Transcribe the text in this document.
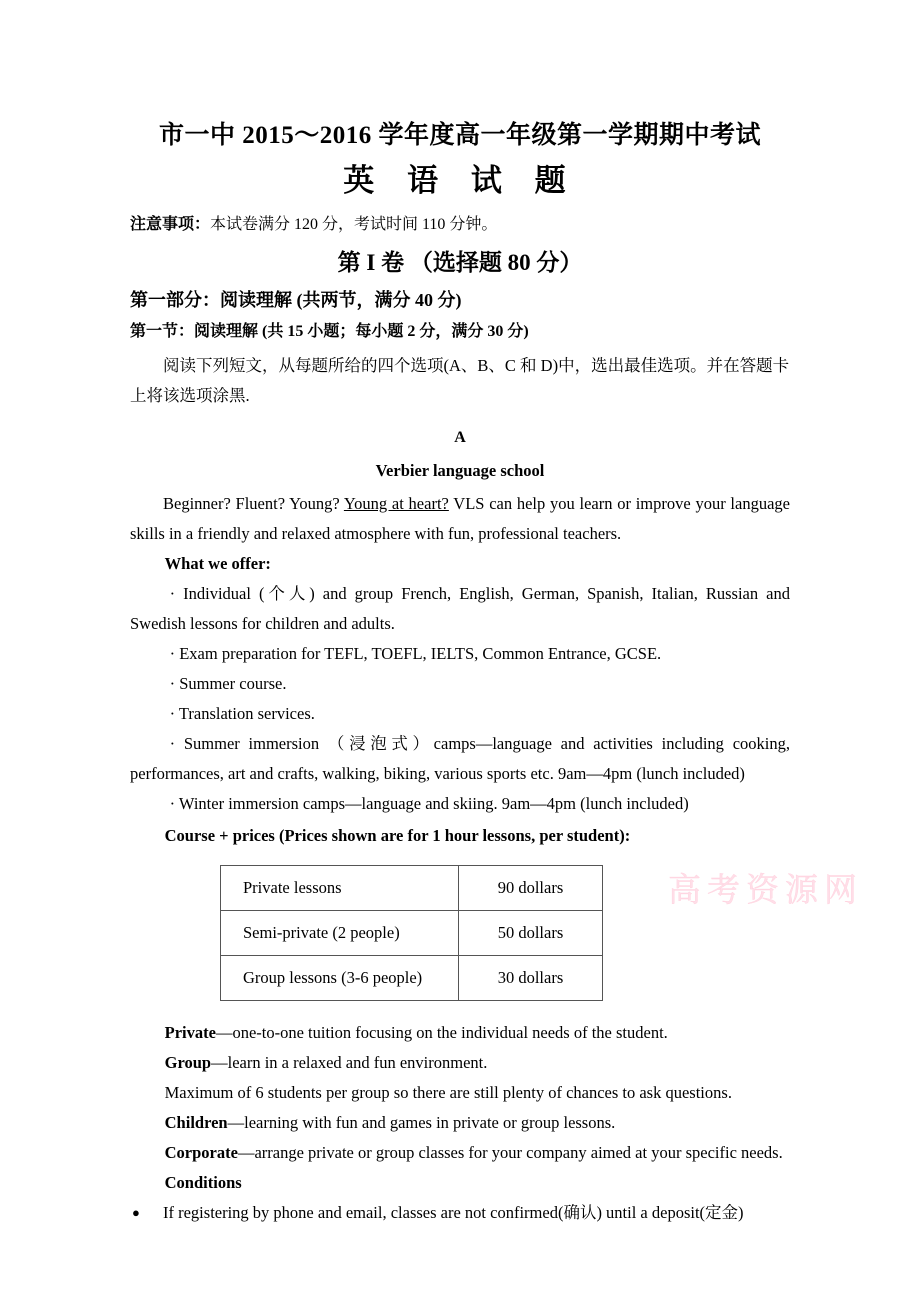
高考资源网
市一中 2015～2016 学年度高一年级第一学期期中考试
英 语 试 题

注意事项：本试卷满分 120 分，考试时间 110 分钟。

第 I 卷 （选择题 80 分）
第一部分：阅读理解 (共两节，满分 40 分)
第一节：阅读理解 (共 15 小题；每小题 2 分，满分 30 分)

阅读下列短文，从每题所给的四个选项(A、B、C 和 D)中，选出最佳选项。并在答题卡

上将该选项涂黑.

A

Verbier language school

Beginner? Fluent? Young? Young at heart? VLS can help you learn or improve your language skills in a friendly and relaxed atmosphere with fun, professional teachers.

What we offer:

· Individual (个人) and group French, English, German, Spanish, Italian, Russian and Swedish lessons for children and adults.

· Exam preparation for TEFL, TOEFL, IELTS, Common Entrance, GCSE.

· Summer course.

· Translation services.

· Summer immersion （浸泡式）camps—language and activities including cooking, performances, art and crafts, walking, biking, various sports etc. 9am—4pm (lunch included)

· Winter immersion camps—language and skiing. 9am—4pm (lunch included)

Course + prices (Prices shown are for 1 hour lessons, per student):

Private lessons	90 dollars
Semi-private (2 people)	50 dollars
Group lessons (3-6 people)	30 dollars

Private—one-to-one tuition focusing on the individual needs of the student.

Group—learn in a relaxed and fun environment.

Maximum of 6 students per group so there are still plenty of chances to ask questions.

Children—learning with fun and games in private or group lessons.

Corporate—arrange private or group classes for your company aimed at your specific needs.

Conditions

● If registering by phone and email, classes are not confirmed(确认) until a deposit(定金)
